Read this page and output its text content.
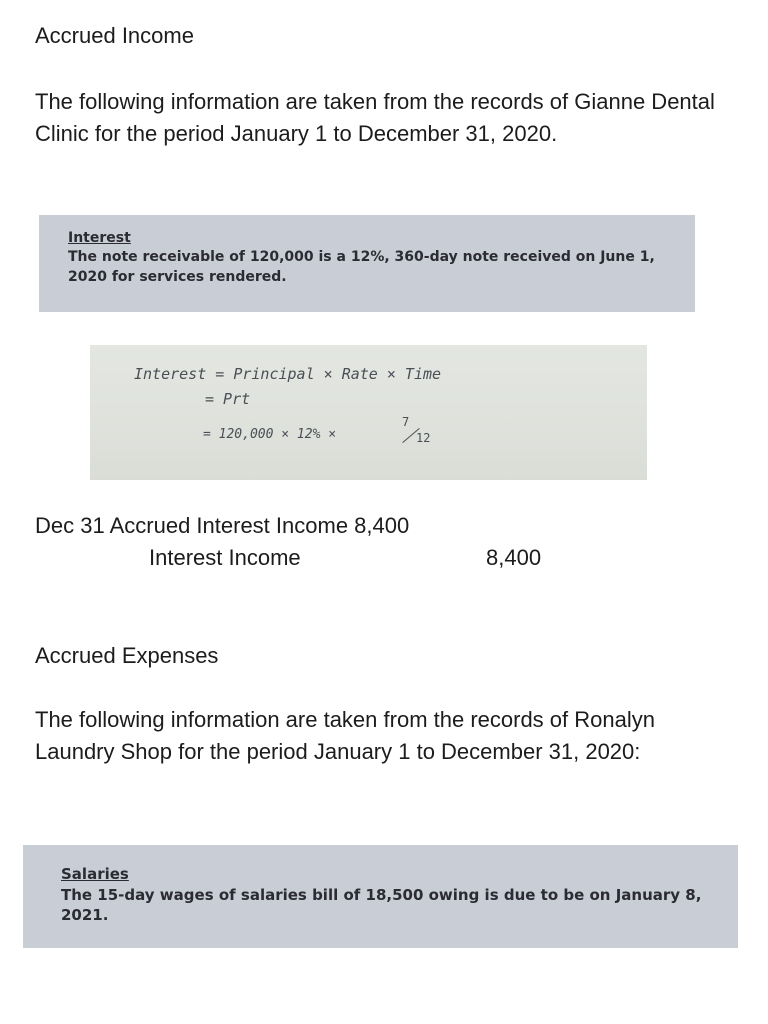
Accrued Income

The following information are taken from the records of Gianne Dental Clinic for the period January 1 to December 31, 2020.

Interest

The note receivable of 120,000 is a 12%, 360-day note received on June 1, 2020 for services rendered.

Interest = Principal × Rate × Time

= Prt

= 120,000 × 12% ×

7
12

Dec 31 Accrued Interest Income 8,400

Interest Income	8,400

Accrued Expenses

The following information are taken from the records of Ronalyn Laundry Shop for the period January 1 to December 31, 2020:

Salaries

The 15-day wages of salaries bill of 18,500 owing is due to be on January 8, 2021.
